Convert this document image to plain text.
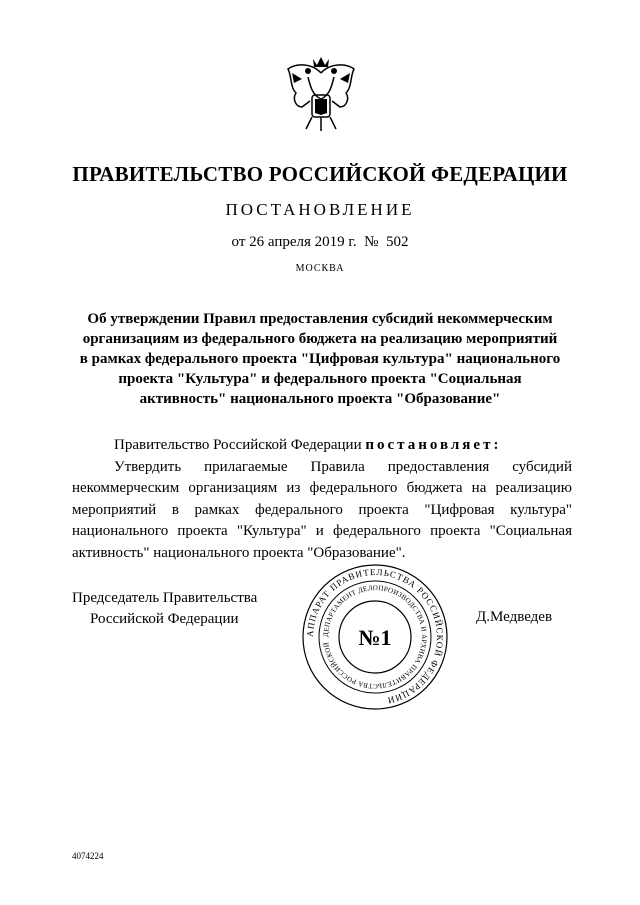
ПРАВИТЕЛЬСТВО РОССИЙСКОЙ ФЕДЕРАЦИИ
ПОСТАНОВЛЕНИЕ
от 26 апреля 2019 г.  №  502
МОСКВА
Об утверждении Правил предоставления субсидий некоммерческим
организациям из федерального бюджета на реализацию мероприятий
в рамках федерального проекта "Цифровая культура" национального
проекта "Культура" и федерального проекта "Социальная
активность" национального проекта "Образование"

Правительство Российской Федерации постановляет:

Утвердить прилагаемые Правила предоставления субсидий некоммерческим организациям из федерального бюджета на реализацию мероприятий в рамках федерального проекта "Цифровая культура" национального проекта "Культура" и федерального проекта "Социальная активность" национального проекта "Образование".

Председатель Правительства
Российской Федерации	Д.Медведев
АППАРАТ ПРАВИТЕЛЬСТВА РОССИЙСКОЙ ФЕДЕРАЦИИ
ДЕПАРТАМЕНТ ДЕЛОПРОИЗВОДСТВА И АРХИВА ПРАВИТЕЛЬСТВА РОССИЙСКОЙ	№1
4074224
